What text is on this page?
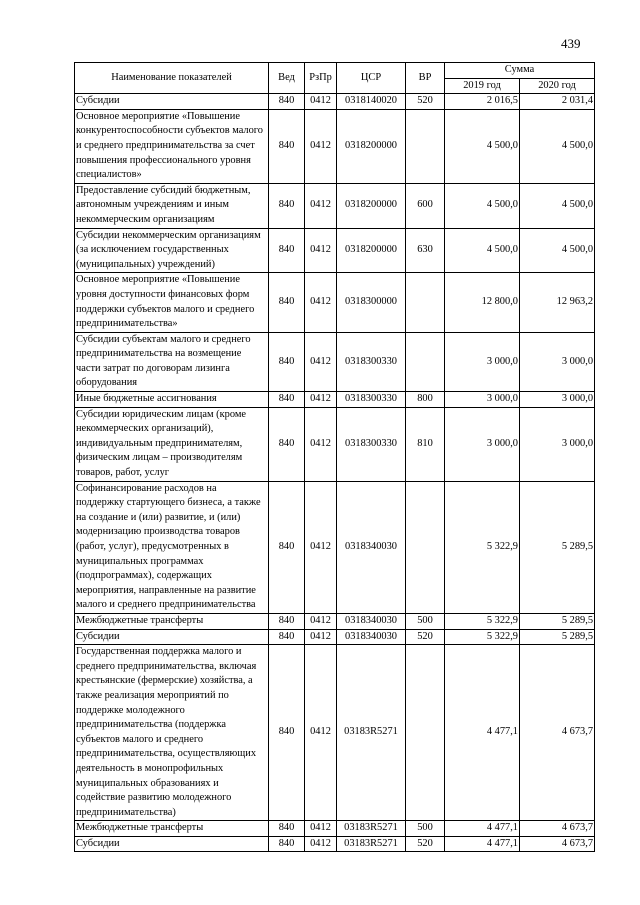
439
Наименование показателей	Вед	РзПр	ЦСР	ВР	Сумма	
					2019 год	2020 год
Субсидии	840	0412	0318140020	520	2 016,5	2 031,4
Основное мероприятие «Повышение конкурентоспособности субъектов малого и среднего предпринимательства за счет повышения профессионального уровня специалистов»	840	0412	0318200000		4 500,0	4 500,0
Предоставление субсидий бюджетным, автономным учреждениям и иным некоммерческим организациям	840	0412	0318200000	600	4 500,0	4 500,0
Субсидии некоммерческим организациям (за исключением государственных (муниципальных) учреждений)	840	0412	0318200000	630	4 500,0	4 500,0
Основное мероприятие «Повышение уровня доступности финансовых форм поддержки субъектов малого и среднего предпринимательства»	840	0412	0318300000		12 800,0	12 963,2
Субсидии субъектам малого и среднего предпринимательства на возмещение части затрат по договорам лизинга оборудования	840	0412	0318300330		3 000,0	3 000,0
Иные бюджетные ассигнования	840	0412	0318300330	800	3 000,0	3 000,0
Субсидии юридическим лицам (кроме некоммерческих организаций), индивидуальным предпринимателям, физическим лицам – производителям товаров, работ, услуг	840	0412	0318300330	810	3 000,0	3 000,0
Софинансирование расходов на поддержку стартующего бизнеса, а также на создание и (или) развитие, и (или) модернизацию производства товаров (работ, услуг), предусмотренных в муниципальных программах (подпрограммах), содержащих мероприятия, направленные на развитие малого и среднего предпринимательства	840	0412	0318340030		5 322,9	5 289,5
Межбюджетные трансферты	840	0412	0318340030	500	5 322,9	5 289,5
Субсидии	840	0412	0318340030	520	5 322,9	5 289,5
Государственная поддержка малого и среднего предпринимательства, включая крестьянские (фермерские) хозяйства, а также реализация мероприятий по поддержке молодежного предпринимательства (поддержка субъектов малого и среднего предпринимательства, осуществляющих деятельность в монопрофильных муниципальных образованиях и содействие развитию молодежного предпринимательства)	840	0412	03183R5271		4 477,1	4 673,7
Межбюджетные трансферты	840	0412	03183R5271	500	4 477,1	4 673,7
Субсидии	840	0412	03183R5271	520	4 477,1	4 673,7
